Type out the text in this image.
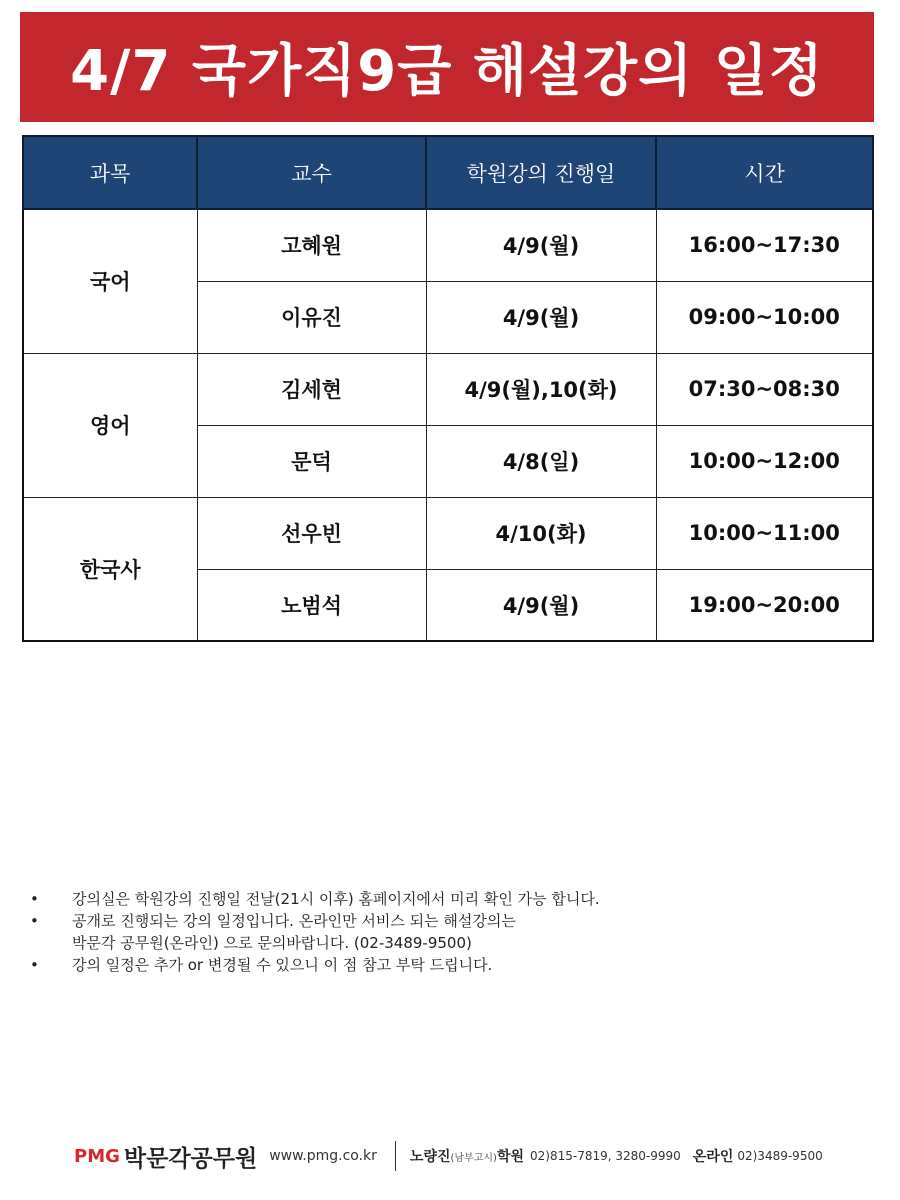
4/7 국가직9급 해설강의 일정
과목	교수	학원강의 진행일	시간
국어	고혜원	4/9(월)	16:00~17:30
	이유진	4/9(월)	09:00~10:00
영어	김세현	4/9(월),10(화)	07:30~08:30
	문덕	4/8(일)	10:00~12:00
한국사	선우빈	4/10(화)	10:00~11:00
	노범석	4/9(월)	19:00~20:00
•	강의실은 학원강의 진행일 전날(21시 이후) 홈페이지에서 미리 확인 가능 합니다.
•	공개로 진행되는 강의 일정입니다. 온라인만 서비스 되는 해설강의는
박문각 공무원(온라인) 으로 문의바랍니다. (02-3489-9500)
•	강의 일정은 추가 or 변경될 수 있으니 이 점 참고 부탁 드립니다.
PMG 박문각공무원 www.pmg.co.kr 노량진(남부고시)학원 02)815-7819, 3280-9990 온라인 02)3489-9500
